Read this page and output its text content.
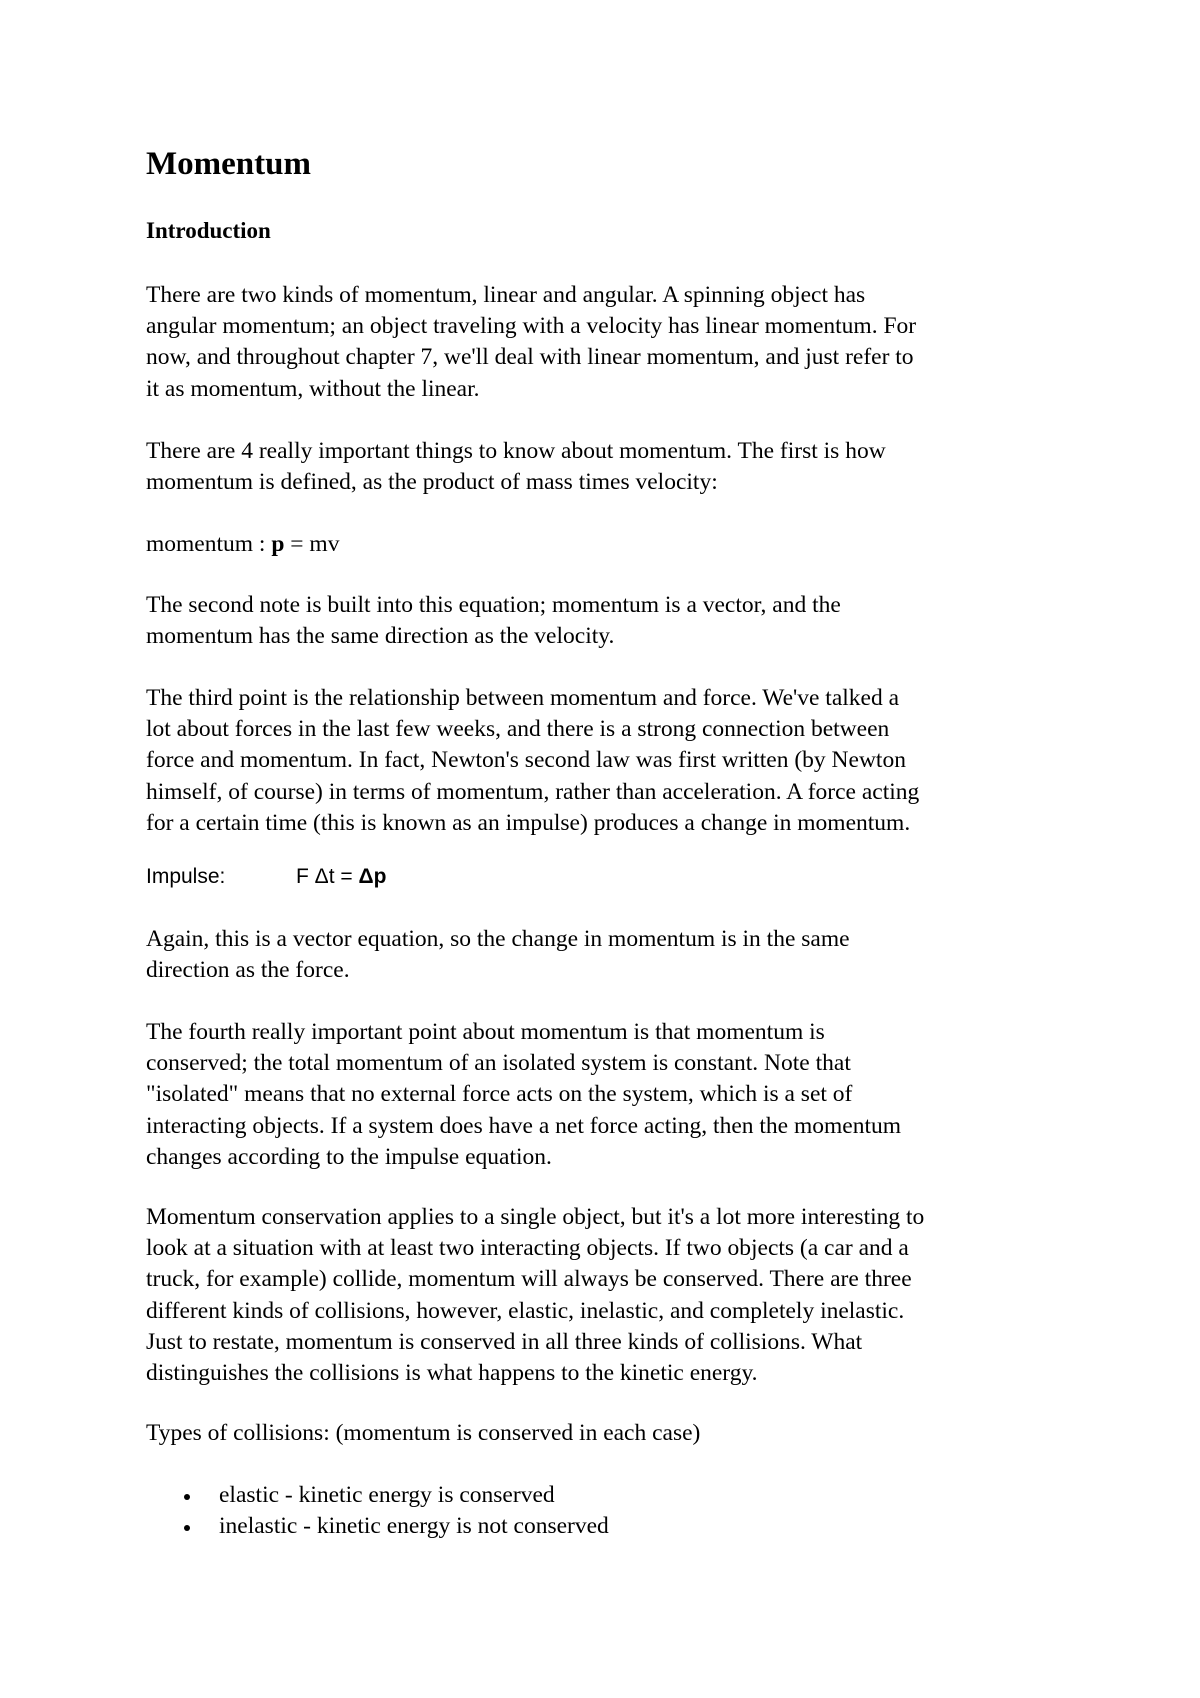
Momentum
Introduction

There are two kinds of momentum, linear and angular. A spinning object has
angular momentum; an object traveling with a velocity has linear momentum. For
now, and throughout chapter 7, we'll deal with linear momentum, and just refer to
it as momentum, without the linear.

There are 4 really important things to know about momentum. The first is how
momentum is defined, as the product of mass times velocity:

momentum : p = mv

The second note is built into this equation; momentum is a vector, and the
momentum has the same direction as the velocity.

The third point is the relationship between momentum and force. We've talked a
lot about forces in the last few weeks, and there is a strong connection between
force and momentum. In fact, Newton's second law was first written (by Newton
himself, of course) in terms of momentum, rather than acceleration. A force acting
for a certain time (this is known as an impulse) produces a change in momentum.

Impulse:	F Δt = Δp

Again, this is a vector equation, so the change in momentum is in the same
direction as the force.

The fourth really important point about momentum is that momentum is
conserved; the total momentum of an isolated system is constant. Note that
"isolated" means that no external force acts on the system, which is a set of
interacting objects. If a system does have a net force acting, then the momentum
changes according to the impulse equation.

Momentum conservation applies to a single object, but it's a lot more interesting to
look at a situation with at least two interacting objects. If two objects (a car and a
truck, for example) collide, momentum will always be conserved. There are three
different kinds of collisions, however, elastic, inelastic, and completely inelastic.
Just to restate, momentum is conserved in all three kinds of collisions. What
distinguishes the collisions is what happens to the kinetic energy.

Types of collisions: (momentum is conserved in each case)

elastic - kinetic energy is conserved
inelastic - kinetic energy is not conserved
